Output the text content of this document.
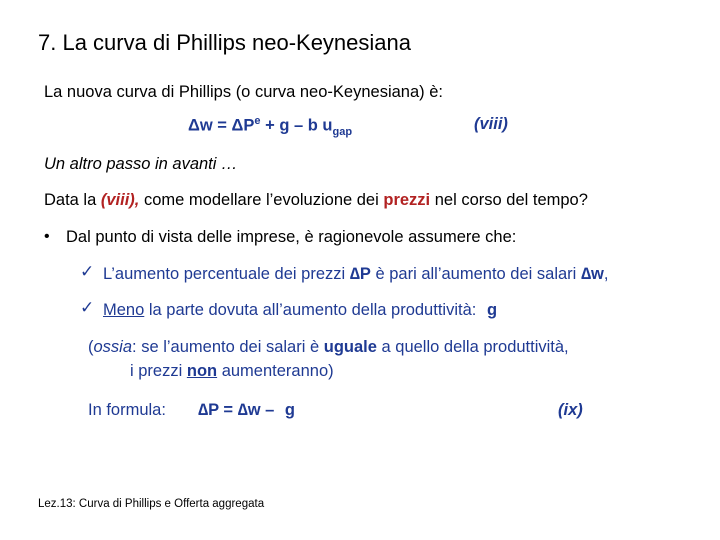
7. La curva di Phillips neo-Keynesiana
La nuova curva di Phillips (o curva neo-Keynesiana) è:
$\Delta w = \Delta P^e + g - b$ $u_{gap}$	(viii)
Un altro passo in avanti …
Data la (viii), come modellare l’evoluzione dei prezzi nel corso del tempo?
• Dal punto di vista delle imprese, è ragionevole assumere che:
✓ L’aumento percentuale dei prezzi ∆P è pari all’aumento dei salari ∆w,
✓ Meno la parte dovuta all’aumento della produttività: g
(ossia: se l’aumento dei salari è uguale a quello della produttività,
i prezzi non aumenteranno)
In formula: ∆P = ∆w – g	(ix)
Lez.13: Curva di Phillips e Offerta aggregata
